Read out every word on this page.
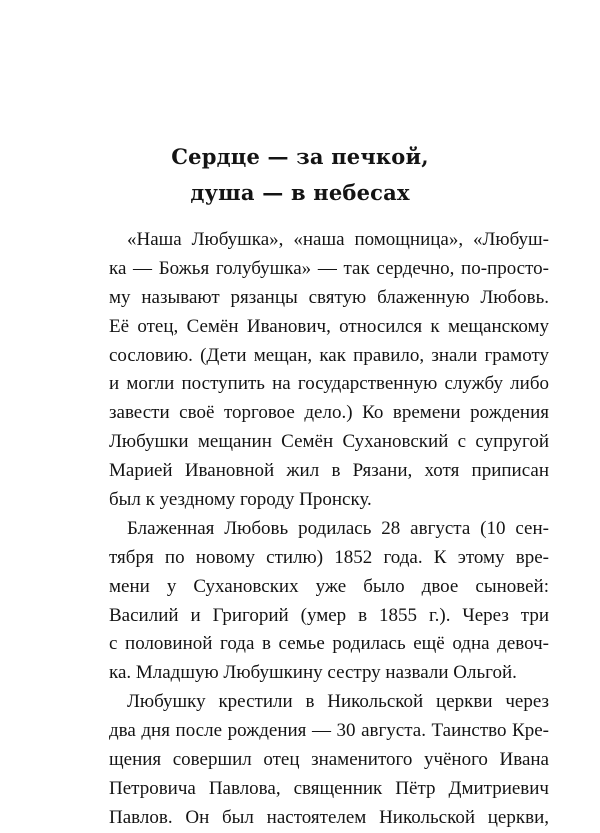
Сердце — за печкой,
душа — в небесах
«Наша Любушка», «наша помощница», «Любуш-
ка — Божья голубушка» — так сердечно, по-просто-
му называют рязанцы святую блаженную Любовь.
Её отец, Семён Иванович, относился к мещанскому
сословию. (Дети мещан, как правило, знали грамоту
и могли поступить на государственную службу либо
завести своё торговое дело.) Ко времени рождения
Любушки мещанин Семён Сухановский с супругой
Марией Ивановной жил в Рязани, хотя приписан
был к уездному городу Пронску.
Блаженная Любовь родилась 28 августа (10 сен-
тября по новому стилю) 1852 года. К этому вре-
мени у Сухановских уже было двое сыновей:
Василий и Григорий (умер в 1855 г.). Через три
с половиной года в семье родилась ещё одна девоч-
ка. Младшую Любушкину сестру назвали Ольгой.
Любушку крестили в Никольской церкви через
два дня после рождения — 30 августа. Таинство Кре-
щения совершил отец знаменитого учёного Ивана
Петровича Павлова, священник Пётр Дмитриевич
Павлов. Он был настоятелем Никольской церкви,
